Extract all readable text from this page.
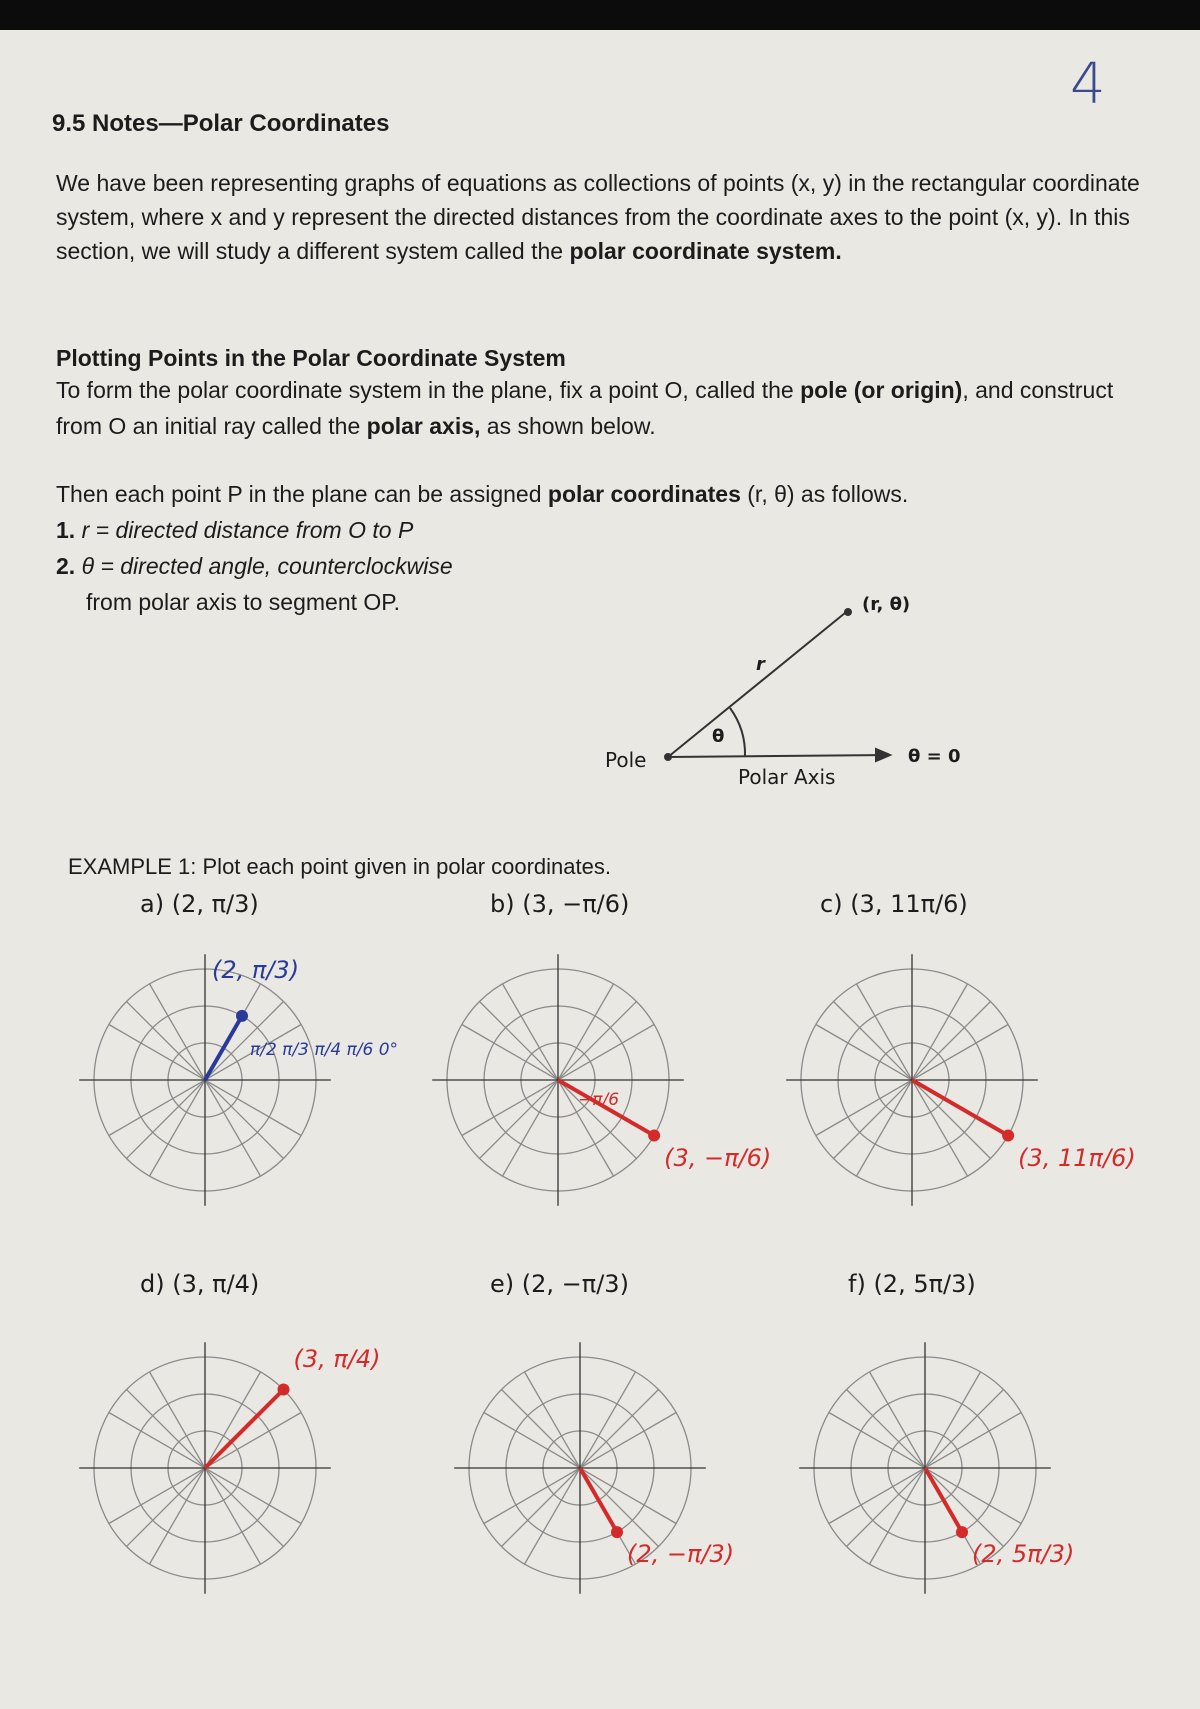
4
9.5 Notes—Polar Coordinates
We have been representing graphs of equations as collections of points (x, y) in the rectangular coordinate system, where x and y represent the directed distances from the coordinate axes to the point (x, y). In this section, we will study a different system called the polar coordinate system.
Plotting Points in the Polar Coordinate System
To form the polar coordinate system in the plane, fix a point O, called the pole (or origin), and construct from O an initial ray called the polar axis, as shown below.
Then each point P in the plane can be assigned polar coordinates (r, θ) as follows.
1. r = directed distance from O to P
2. θ = directed angle, counterclockwise
from polar axis to segment OP.	(r, θ)
r
θ
Pole
Polar Axis
θ = 0
EXAMPLE 1: Plot each point given in polar coordinates.
a) (2, π/3)
(2, π/3)
π/2 π/3 π/4 π/6 0°
b) (3, −π/6)
(3, −π/6)
−π/6
c) (3, 11π/6)
(3, 11π/6)
d) (3, π/4)
(3, π/4)
e) (2, −π/3)
(2, −π/3)
f) (2, 5π/3)
(2, 5π/3)
